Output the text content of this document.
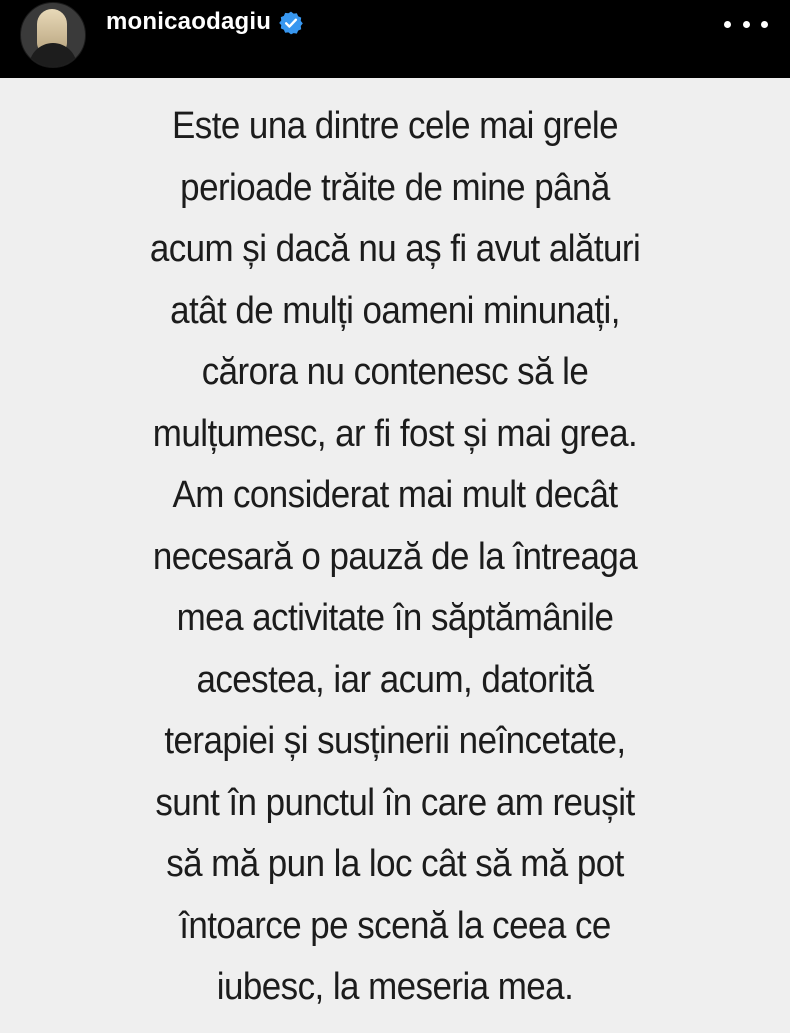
monicaodagiu
Este una dintre cele mai grele
perioade trăite de mine până
acum și dacă nu aș fi avut alături
atât de mulți oameni minunați,
cărora nu contenesc să le
mulțumesc, ar fi fost și mai grea.
Am considerat mai mult decât
necesară o pauză de la întreaga
mea activitate în săptămânile
acestea, iar acum, datorită
terapiei și susținerii neîncetate,
sunt în punctul în care am reușit
să mă pun la loc cât să mă pot
întoarce pe scenă la ceea ce
iubesc, la meseria mea.
